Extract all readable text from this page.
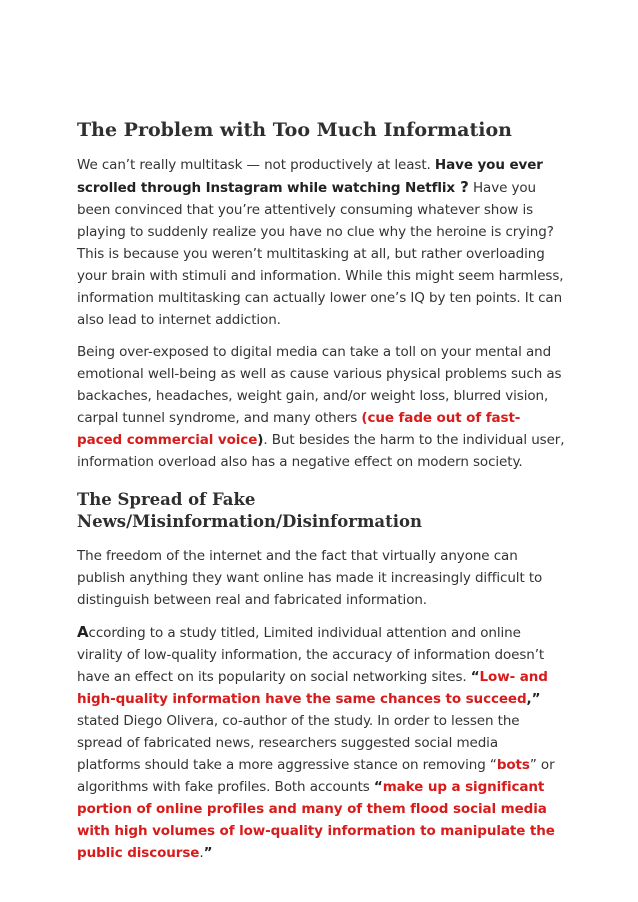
The Problem with Too Much Information

We can’t really multitask — not productively at least. Have you ever scrolled through Instagram while watching Netflix ? Have you been convinced that you’re attentively consuming whatever show is playing to suddenly realize you have no clue why the heroine is crying? This is because you weren’t multitasking at all, but rather overloading your brain with stimuli and information. While this might seem harmless, information multitasking can actually lower one’s IQ by ten points. It can also lead to internet addiction.

Being over-exposed to digital media can take a toll on your mental and emotional well-being as well as cause various physical problems such as backaches, headaches, weight gain, and/or weight loss, blurred vision, carpal tunnel syndrome, and many others (cue fade out of fast-paced commercial voice). But besides the harm to the individual user, information overload also has a negative effect on modern society.

The Spread of Fake News/Misinformation/Disinformation

The freedom of the internet and the fact that virtually anyone can publish anything they want online has made it increasingly difficult to distinguish between real and fabricated information.

According to a study titled, Limited individual attention and online virality of low-quality information, the accuracy of information doesn’t have an effect on its popularity on social networking sites. “Low- and high-quality information have the same chances to succeed,” stated Diego Olivera, co-author of the study. In order to lessen the spread of fabricated news, researchers suggested social media platforms should take a more aggressive stance on removing “bots” or algorithms with fake profiles. Both accounts “make up a significant portion of online profiles and many of them flood social media with high volumes of low-quality information to manipulate the public discourse.”
